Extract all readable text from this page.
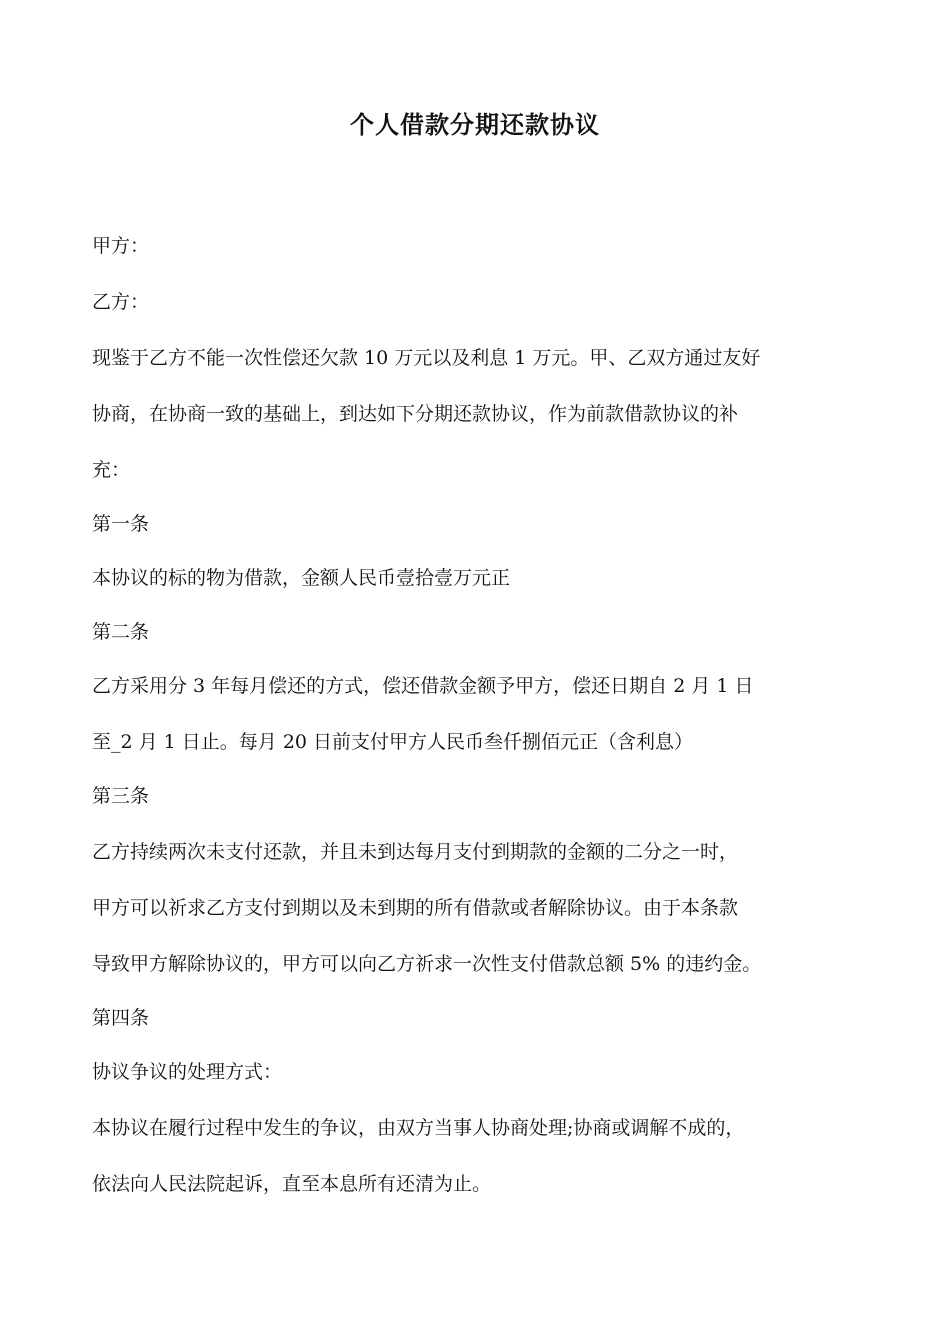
个人借款分期还款协议
甲方：
乙方：
现鉴于乙方不能一次性偿还欠款 10 万元以及利息 1 万元。甲、乙双方通过友好
协商，在协商一致的基础上，到达如下分期还款协议，作为前款借款协议的补
充：
第一条
本协议的标的物为借款，金额人民币壹拾壹万元正
第二条
乙方采用分 3 年每月偿还的方式，偿还借款金额予甲方，偿还日期自 2 月 1 日
至_2 月 1 日止。每月 20 日前支付甲方人民币叁仟捌佰元正（含利息）
第三条
乙方持续两次未支付还款，并且未到达每月支付到期款的金额的二分之一时，
甲方可以祈求乙方支付到期以及未到期的所有借款或者解除协议。由于本条款
导致甲方解除协议的，甲方可以向乙方祈求一次性支付借款总额 5% 的违约金。
第四条
协议争议的处理方式：
本协议在履行过程中发生的争议，由双方当事人协商处理;协商或调解不成的，
依法向人民法院起诉，直至本息所有还清为止。
